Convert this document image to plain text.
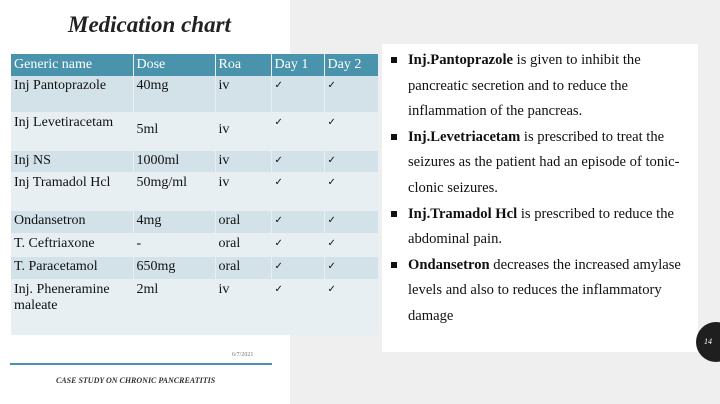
Medication chart
Generic name	Dose	Roa	Day 1	Day 2
Inj Pantoprazole	40mg	iv	✓	✓
Inj Levetiracetam	5ml	iv	✓	✓
Inj NS	1000ml	iv	✓	✓
Inj Tramadol Hcl	50mg/ml	iv	✓	✓
Ondansetron	4mg	oral	✓	✓
T. Ceftriaxone	-	oral	✓	✓
T. Paracetamol	650mg	oral	✓	✓
Inj. Pheneramine maleate	2ml	iv	✓	✓
6/7/2021
CASE STUDY ON CHRONIC PANCREATITIS
Inj.Pantoprazole is given to inhibit the pancreatic secretion and to reduce the inflammation of the pancreas.
Inj.Levetriacetam is prescribed to treat the seizures as the patient had an episode of tonic-clonic seizures.
Inj.Tramadol Hcl is prescribed to reduce the abdominal pain.
Ondansetron decreases the increased amylase levels and also to reduces the inflammatory damage
14
